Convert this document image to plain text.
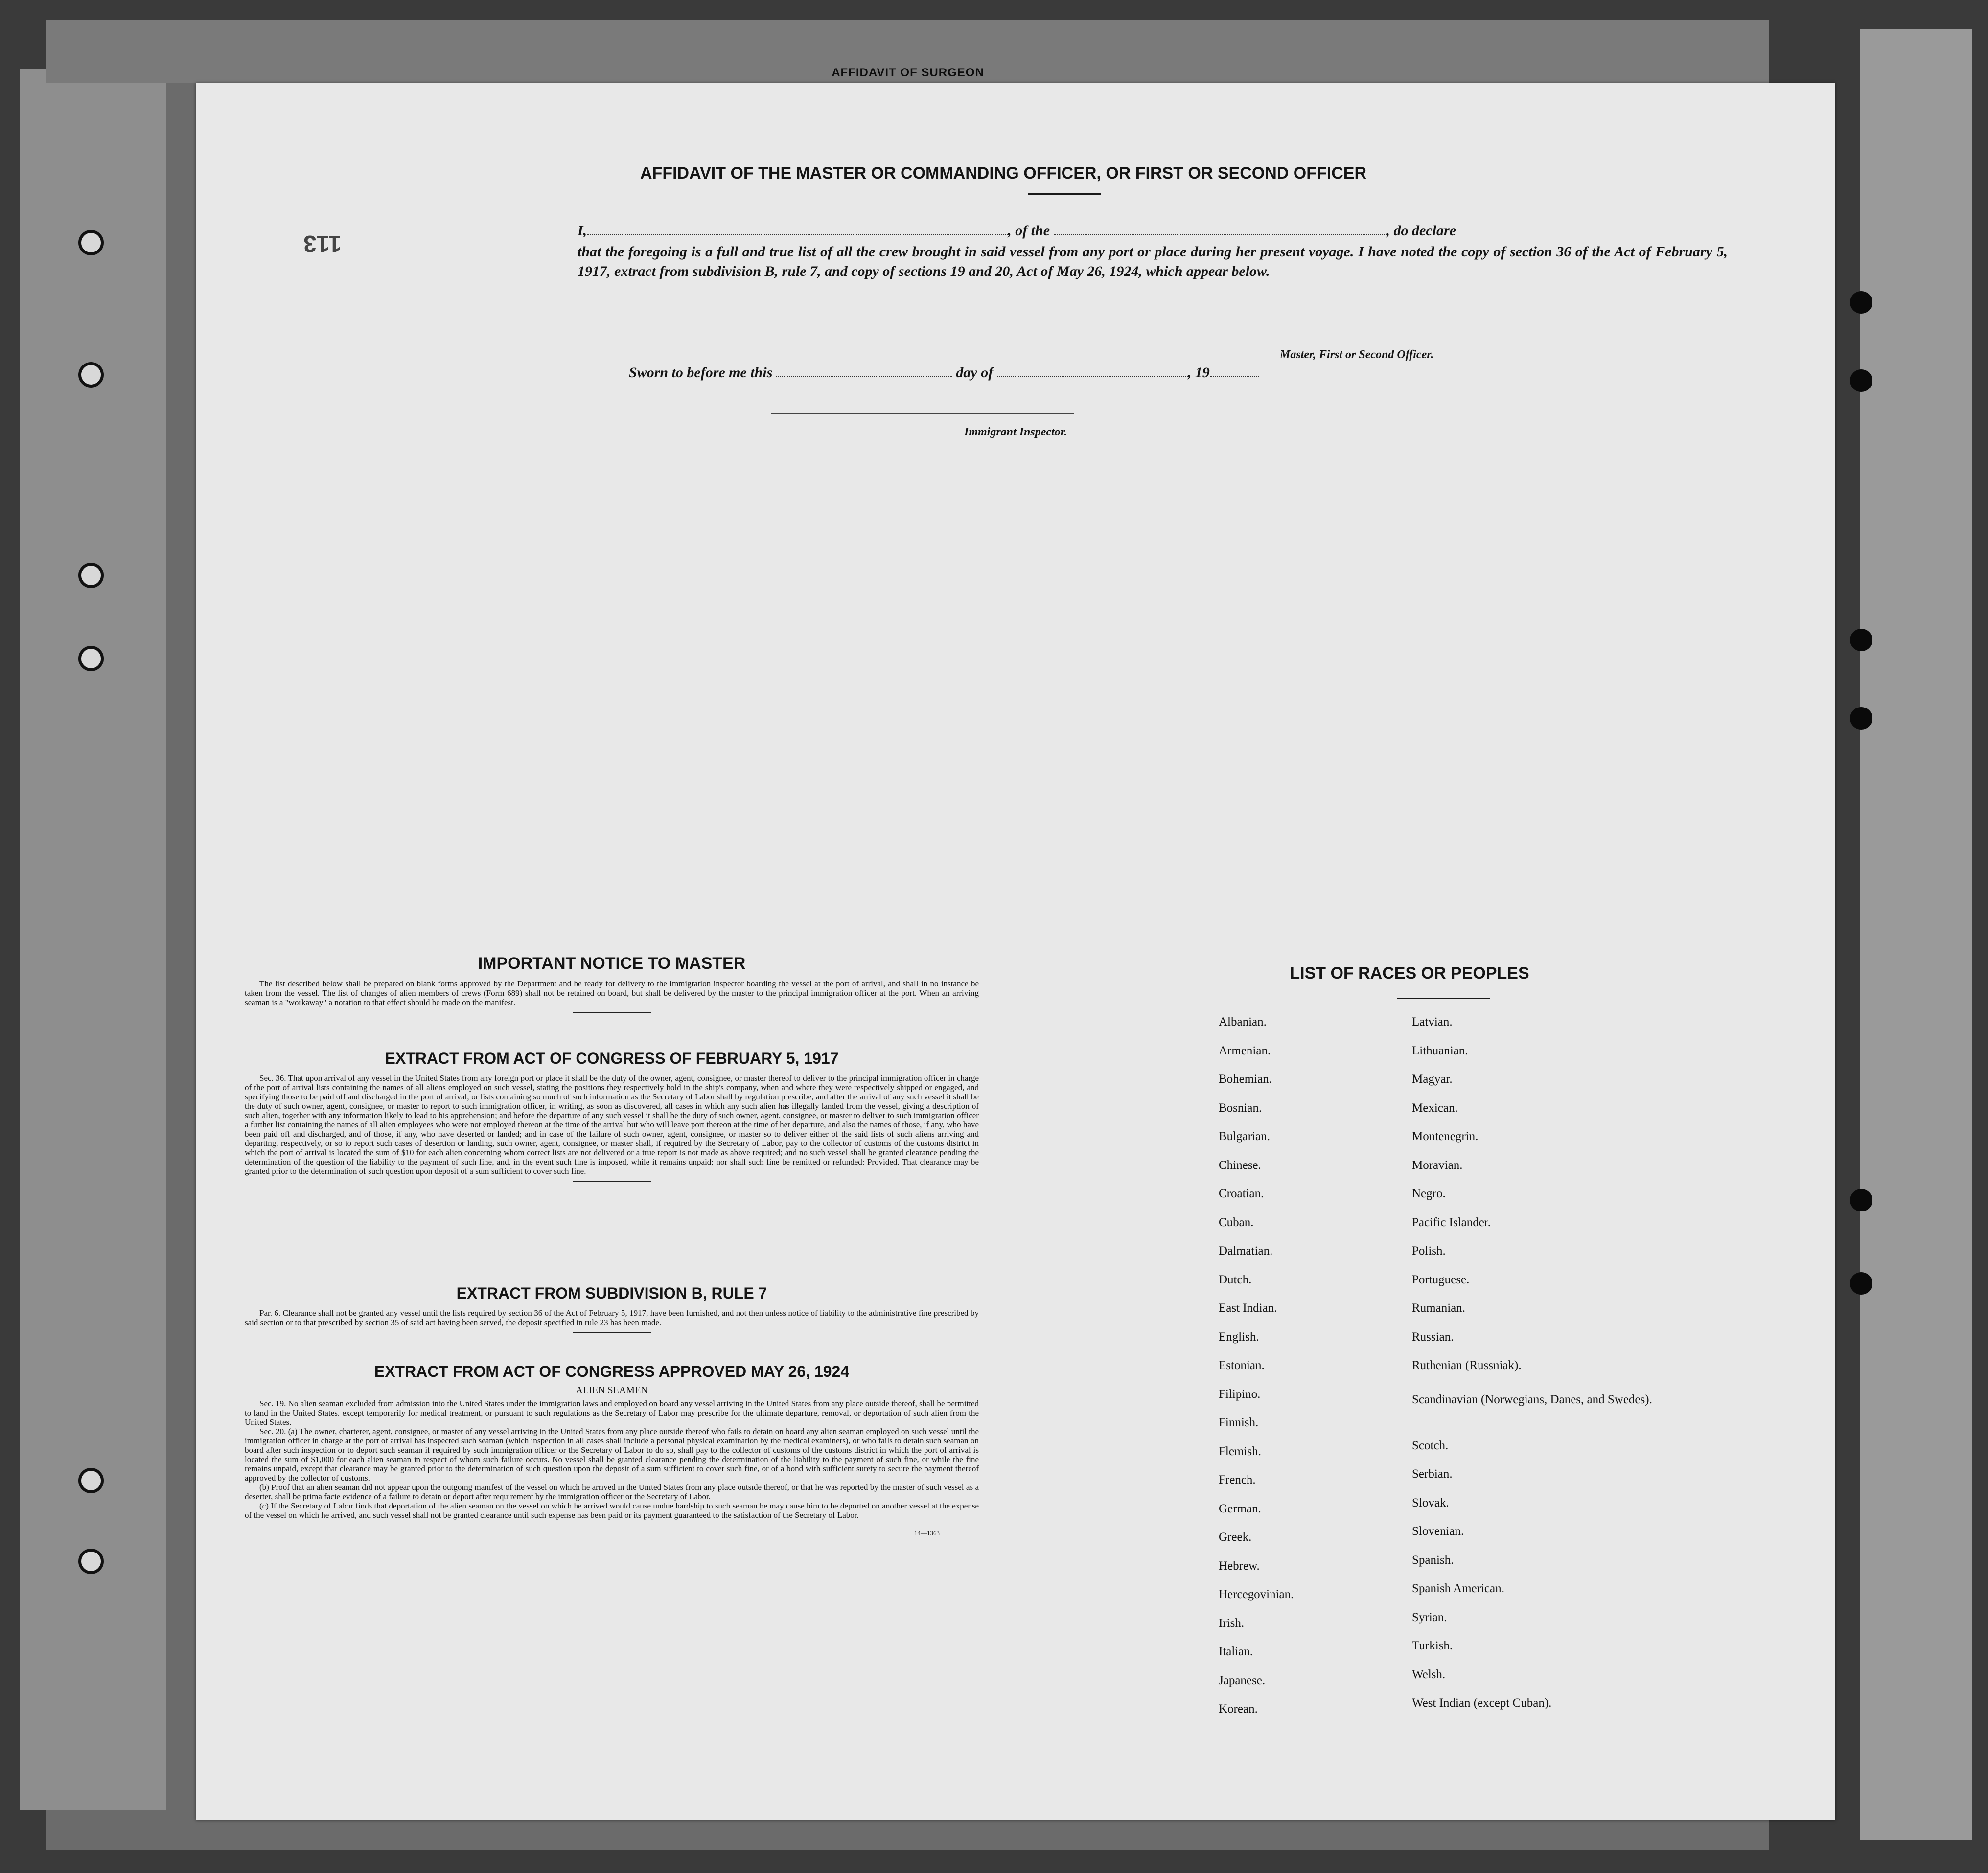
AFFIDAVIT OF SURGEON
113
AFFIDAVIT OF THE MASTER OR COMMANDING OFFICER, OR FIRST OR SECOND OFFICER
I,	, of the	, do declare
that the foregoing is a full and true list of all the crew brought in said vessel from any port or place during her present voyage. I have noted the copy of section 36 of the Act of February 5, 1917, extract from subdivision B, rule 7, and copy of sections 19 and 20, Act of May 26, 1924, which appear below.
Master, First or Second Officer.
Sworn to before me this	day of	, 19
Immigrant Inspector.
IMPORTANT NOTICE TO MASTER
The list described below shall be prepared on blank forms approved by the Department and be ready for delivery to the immigration inspector boarding the vessel at the port of arrival, and shall in no instance be taken from the vessel. The list of changes of alien members of crews (Form 689) shall not be retained on board, but shall be delivered by the master to the principal immigration officer at the port. When an arriving seaman is a "workaway" a notation to that effect should be made on the manifest.
EXTRACT FROM ACT OF CONGRESS OF FEBRUARY 5, 1917
Sec. 36. That upon arrival of any vessel in the United States from any foreign port or place it shall be the duty of the owner, agent, consignee, or master thereof to deliver to the principal immigration officer in charge of the port of arrival lists containing the names of all aliens employed on such vessel, stating the positions they respectively hold in the ship's company, when and where they were respectively shipped or engaged, and specifying those to be paid off and discharged in the port of arrival; or lists containing so much of such information as the Secretary of Labor shall by regulation prescribe; and after the arrival of any such vessel it shall be the duty of such owner, agent, consignee, or master to report to such immigration officer, in writing, as soon as discovered, all cases in which any such alien has illegally landed from the vessel, giving a description of such alien, together with any information likely to lead to his apprehension; and before the departure of any such vessel it shall be the duty of such owner, agent, consignee, or master to deliver to such immigration officer a further list containing the names of all alien employees who were not employed thereon at the time of the arrival but who will leave port thereon at the time of her departure, and also the names of those, if any, who have been paid off and discharged, and of those, if any, who have deserted or landed; and in case of the failure of such owner, agent, consignee, or master so to deliver either of the said lists of such aliens arriving and departing, respectively, or so to report such cases of desertion or landing, such owner, agent, consignee, or master shall, if required by the Secretary of Labor, pay to the collector of customs of the customs district in which the port of arrival is located the sum of $10 for each alien concerning whom correct lists are not delivered or a true report is not made as above required; and no such vessel shall be granted clearance pending the determination of the question of the liability to the payment of such fine, and, in the event such fine is imposed, while it remains unpaid; nor shall such fine be remitted or refunded: Provided, That clearance may be granted prior to the determination of such question upon deposit of a sum sufficient to cover such fine.
EXTRACT FROM SUBDIVISION B, RULE 7
Par. 6. Clearance shall not be granted any vessel until the lists required by section 36 of the Act of February 5, 1917, have been furnished, and not then unless notice of liability to the administrative fine prescribed by said section or to that prescribed by section 35 of said act having been served, the deposit specified in rule 23 has been made.
EXTRACT FROM ACT OF CONGRESS APPROVED MAY 26, 1924
ALIEN SEAMEN
Sec. 19. No alien seaman excluded from admission into the United States under the immigration laws and employed on board any vessel arriving in the United States from any place outside thereof, shall be permitted to land in the United States, except temporarily for medical treatment, or pursuant to such regulations as the Secretary of Labor may prescribe for the ultimate departure, removal, or deportation of such alien from the United States.
Sec. 20. (a) The owner, charterer, agent, consignee, or master of any vessel arriving in the United States from any place outside thereof who fails to detain on board any alien seaman employed on such vessel until the immigration officer in charge at the port of arrival has inspected such seaman (which inspection in all cases shall include a personal physical examination by the medical examiners), or who fails to detain such seaman on board after such inspection or to deport such seaman if required by such immigration officer or the Secretary of Labor to do so, shall pay to the collector of customs of the customs district in which the port of arrival is located the sum of $1,000 for each alien seaman in respect of whom such failure occurs. No vessel shall be granted clearance pending the determination of the liability to the payment of such fine, or while the fine remains unpaid, except that clearance may be granted prior to the determination of such question upon the deposit of a sum sufficient to cover such fine, or of a bond with sufficient surety to secure the payment thereof approved by the collector of customs.
(b) Proof that an alien seaman did not appear upon the outgoing manifest of the vessel on which he arrived in the United States from any place outside thereof, or that he was reported by the master of such vessel as a deserter, shall be prima facie evidence of a failure to detain or deport after requirement by the immigration officer or the Secretary of Labor.
(c) If the Secretary of Labor finds that deportation of the alien seaman on the vessel on which he arrived would cause undue hardship to such seaman he may cause him to be deported on another vessel at the expense of the vessel on which he arrived, and such vessel shall not be granted clearance until such expense has been paid or its payment guaranteed to the satisfaction of the Secretary of Labor.
14—1363
LIST OF RACES OR PEOPLES
Albanian.
Armenian.
Bohemian.
Bosnian.
Bulgarian.
Chinese.
Croatian.
Cuban.
Dalmatian.
Dutch.
East Indian.
English.
Estonian.
Filipino.
Finnish.
Flemish.
French.
German.
Greek.
Hebrew.
Hercegovinian.
Irish.
Italian.
Japanese.
Korean.
Latvian.
Lithuanian.
Magyar.
Mexican.
Montenegrin.
Moravian.
Negro.
Pacific Islander.
Polish.
Portuguese.
Rumanian.
Russian.
Ruthenian (Russniak).
Scandinavian (Norwegians, Danes, and Swedes).
Scotch.
Serbian.
Slovak.
Slovenian.
Spanish.
Spanish American.
Syrian.
Turkish.
Welsh.
West Indian (except Cuban).
